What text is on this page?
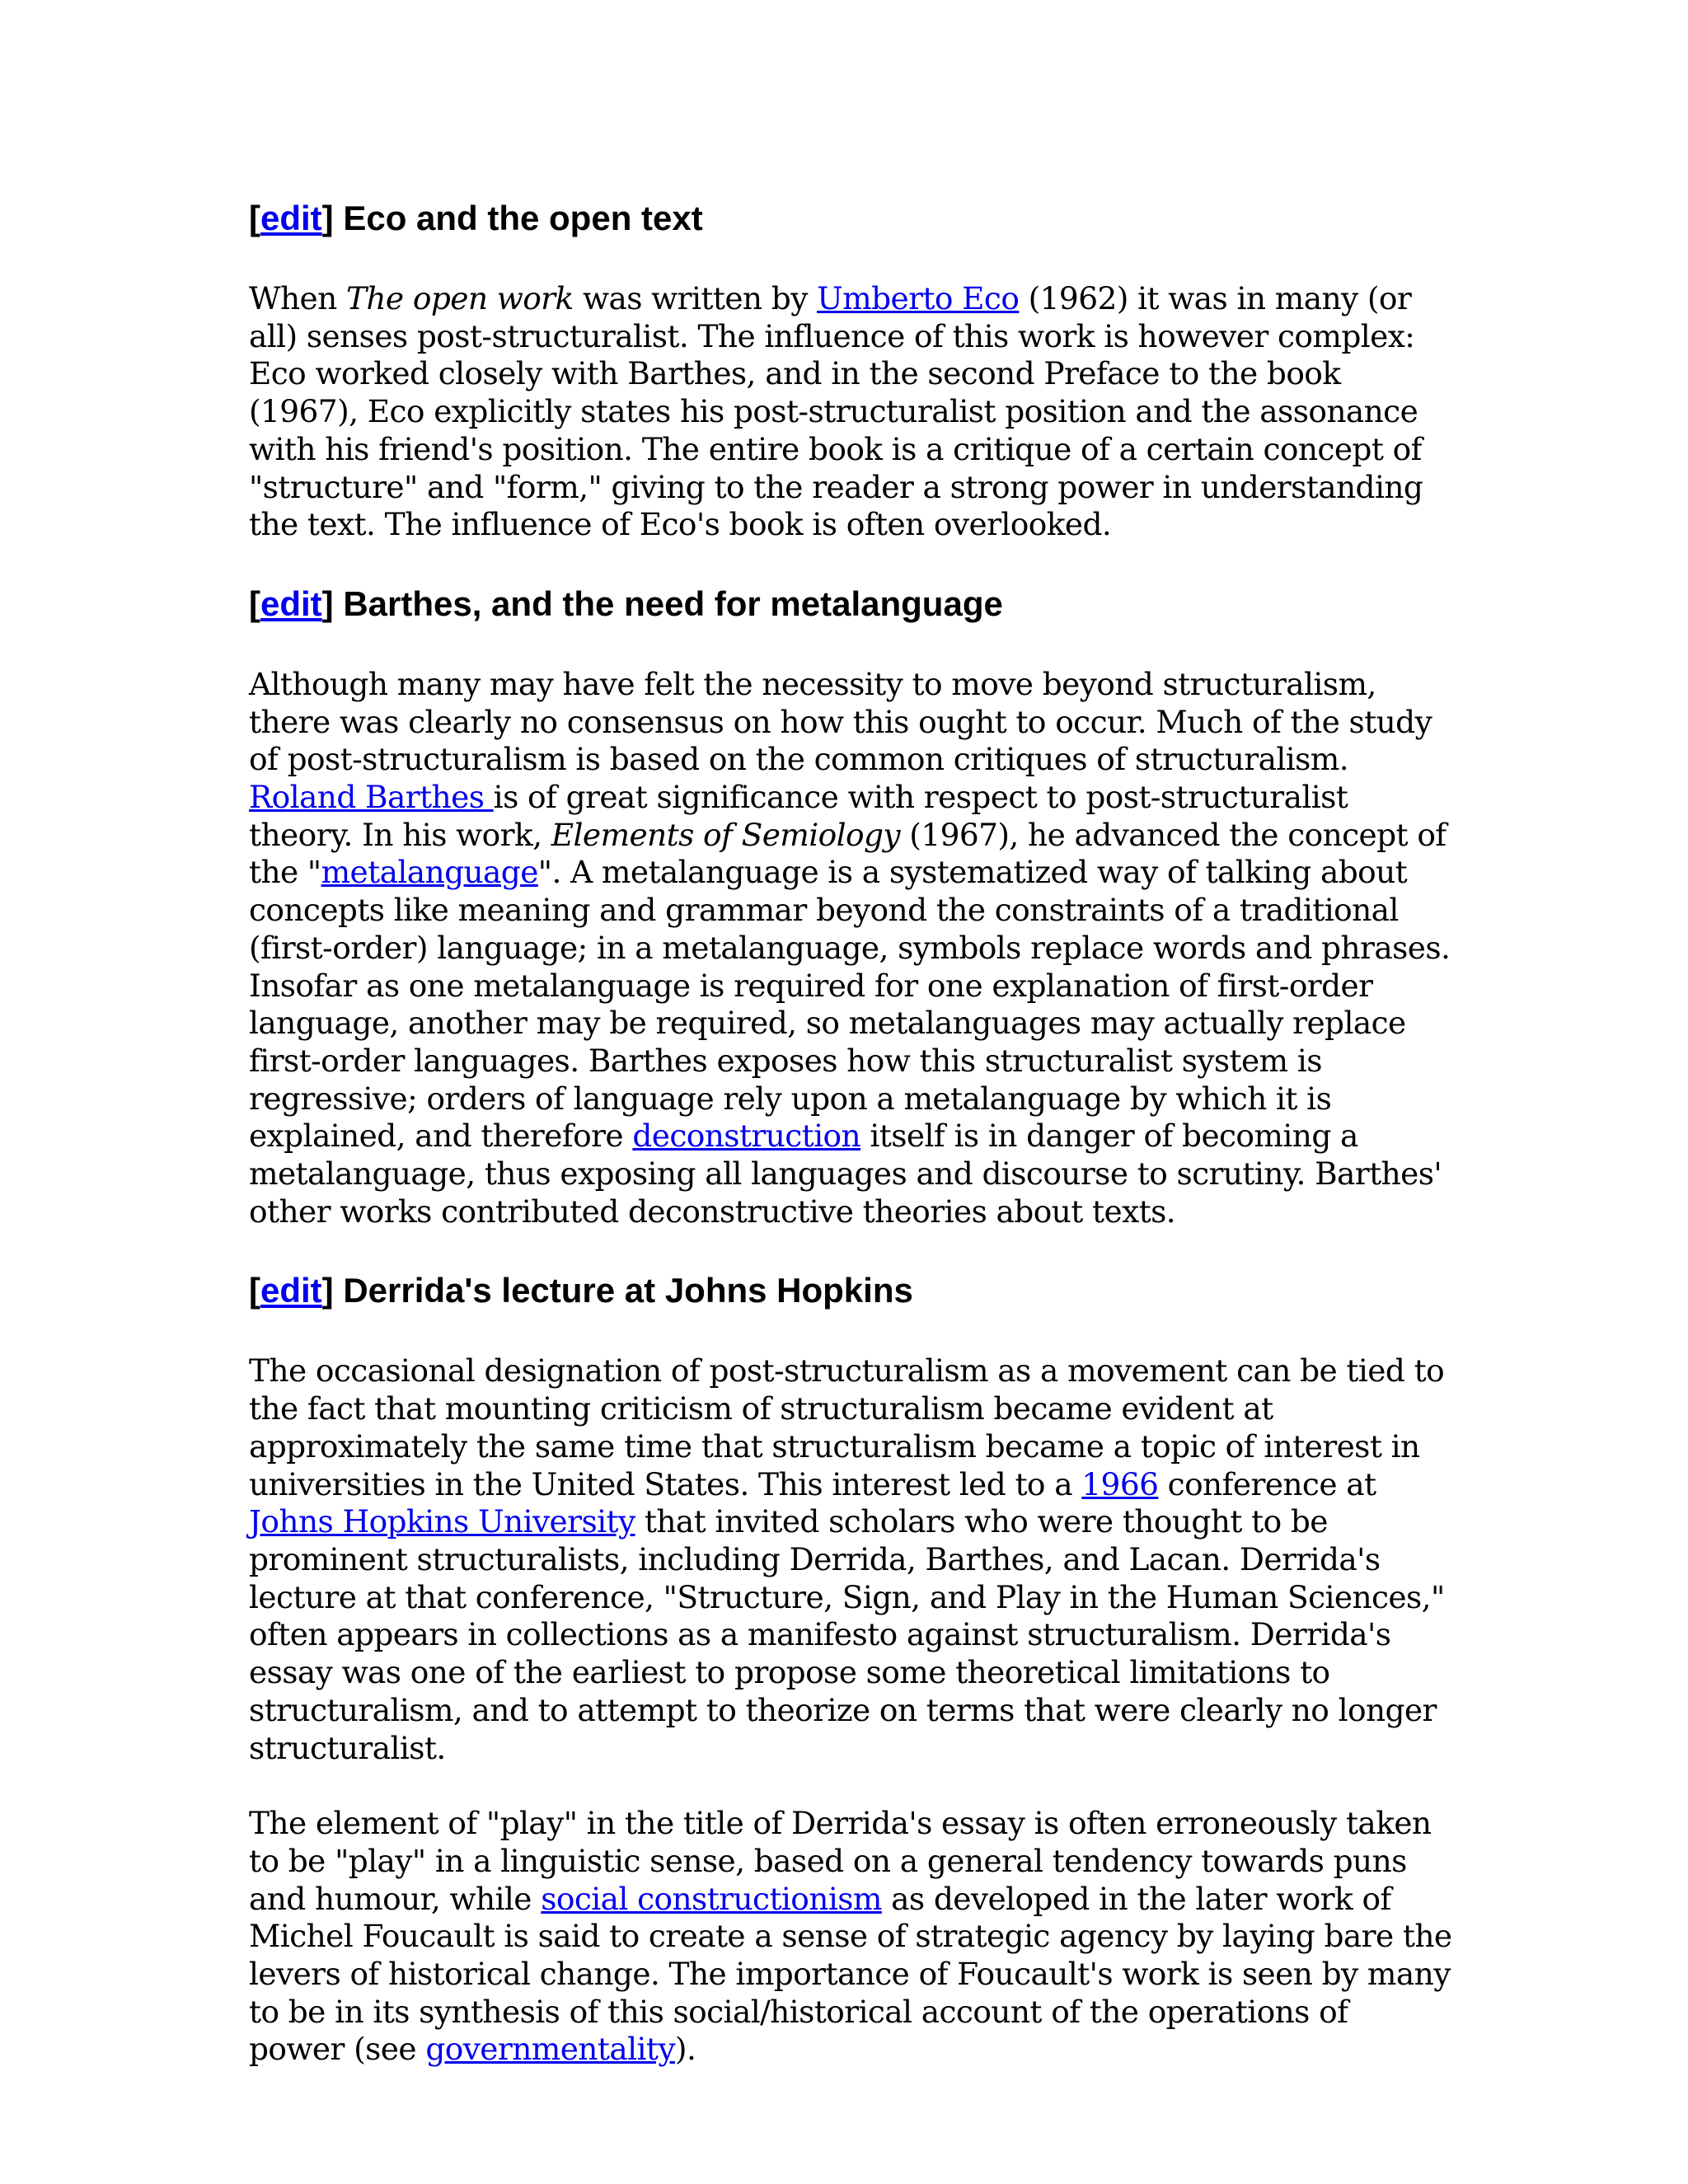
[edit] Eco and the open text

When The open work was written by Umberto Eco (1962) it was in many (or all) senses post-structuralist. The influence of this work is however complex: Eco worked closely with Barthes, and in the second Preface to the book (1967), Eco explicitly states his post-structuralist position and the assonance with his friend's position. The entire book is a critique of a certain concept of "structure" and "form," giving to the reader a strong power in understanding the text. The influence of Eco's book is often overlooked.

[edit] Barthes, and the need for metalanguage

Although many may have felt the necessity to move beyond structuralism, there was clearly no consensus on how this ought to occur. Much of the study of post-structuralism is based on the common critiques of structuralism. Roland Barthes is of great significance with respect to post-structuralist theory. In his work, Elements of Semiology (1967), he advanced the concept of the "metalanguage". A metalanguage is a systematized way of talking about concepts like meaning and grammar beyond the constraints of a traditional (first-order) language; in a metalanguage, symbols replace words and phrases. Insofar as one metalanguage is required for one explanation of first-order language, another may be required, so metalanguages may actually replace first-order languages. Barthes exposes how this structuralist system is regressive; orders of language rely upon a metalanguage by which it is explained, and therefore deconstruction itself is in danger of becoming a metalanguage, thus exposing all languages and discourse to scrutiny. Barthes' other works contributed deconstructive theories about texts.

[edit] Derrida's lecture at Johns Hopkins

The occasional designation of post-structuralism as a movement can be tied to the fact that mounting criticism of structuralism became evident at approximately the same time that structuralism became a topic of interest in universities in the United States. This interest led to a 1966 conference at Johns Hopkins University that invited scholars who were thought to be prominent structuralists, including Derrida, Barthes, and Lacan. Derrida's lecture at that conference, "Structure, Sign, and Play in the Human Sciences," often appears in collections as a manifesto against structuralism. Derrida's essay was one of the earliest to propose some theoretical limitations to structuralism, and to attempt to theorize on terms that were clearly no longer structuralist.

The element of "play" in the title of Derrida's essay is often erroneously taken to be "play" in a linguistic sense, based on a general tendency towards puns and humour, while social constructionism as developed in the later work of Michel Foucault is said to create a sense of strategic agency by laying bare the levers of historical change. The importance of Foucault's work is seen by many to be in its synthesis of this social/historical account of the operations of power (see governmentality).
